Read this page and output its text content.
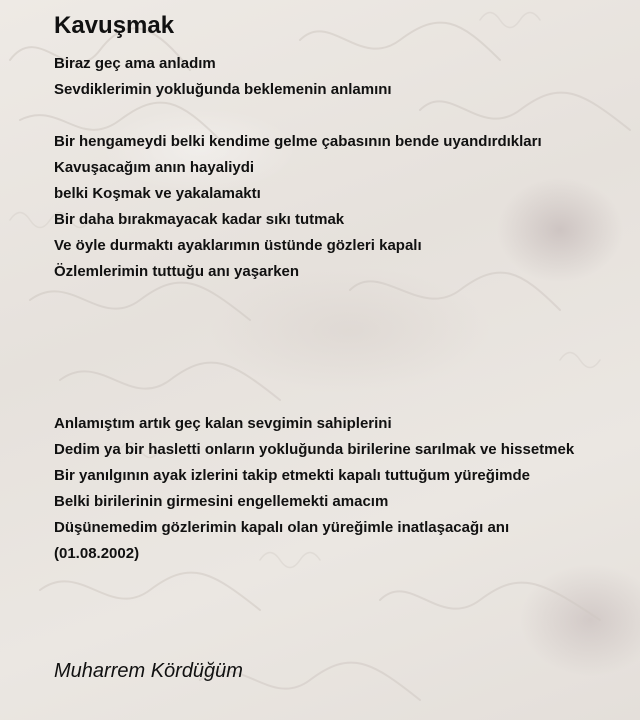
Kavuşmak
Biraz geç ama anladım
Sevdiklerimin yokluğunda beklemenin anlamını
Bir hengameydi belki kendime gelme çabasının bende uyandırdıkları
Kavuşacağım anın hayaliydi
belki Koşmak ve yakalamaktı
Bir daha bırakmayacak kadar sıkı tutmak
Ve öyle durmaktı ayaklarımın üstünde gözleri kapalı
Özlemlerimin tuttuğu anı yaşarken
Anlamıştım artık geç kalan sevgimin sahiplerini
Dedim ya bir hasletti onların yokluğunda birilerine sarılmak ve hissetmek
Bir yanılgının ayak izlerini takip etmekti kapalı tuttuğum yüreğimde
Belki birilerinin girmesini engellemekti amacım
Düşünemedim gözlerimin kapalı olan yüreğimle inatlaşacağı anı
(01.08.2002)
Muharrem Kördüğüm
